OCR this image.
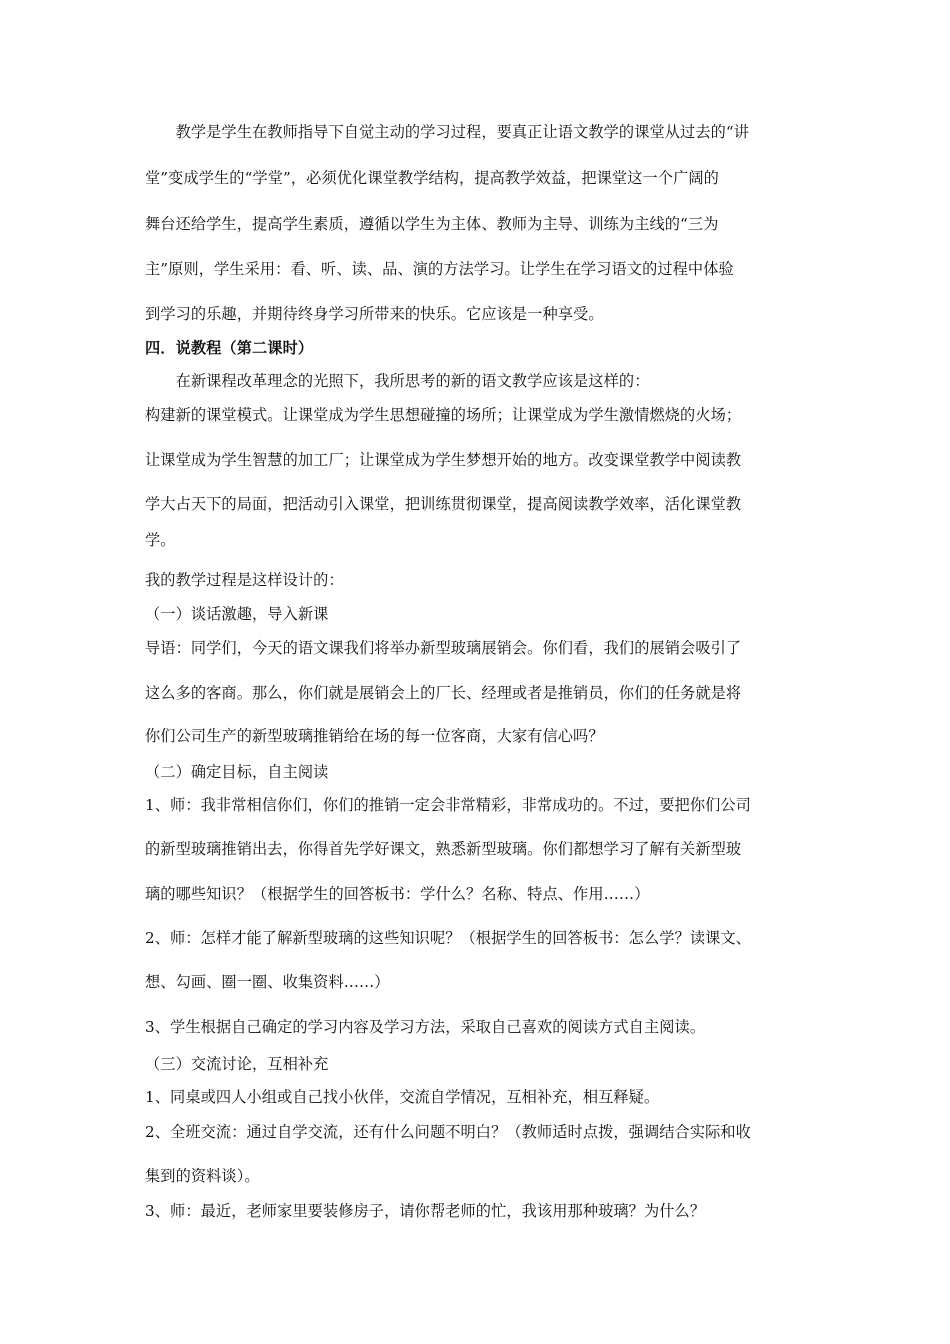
　　教学是学生在教师指导下自觉主动的学习过程，要真正让语文教学的课堂从过去的“讲
堂”变成学生的“学堂”，必须优化课堂教学结构，提高教学效益，把课堂这一个广阔的
舞台还给学生，提高学生素质，遵循以学生为主体、教师为主导、训练为主线的“三为
主”原则，学生采用：看、听、读、品、演的方法学习。让学生在学习语文的过程中体验
到学习的乐趣，并期待终身学习所带来的快乐。它应该是一种享受。
四．说教程（第二课时）
　　在新课程改革理念的光照下，我所思考的新的语文教学应该是这样的：
构建新的课堂模式。让课堂成为学生思想碰撞的场所；让课堂成为学生激情燃烧的火场；
让课堂成为学生智慧的加工厂；让课堂成为学生梦想开始的地方。改变课堂教学中阅读教
学大占天下的局面，把活动引入课堂，把训练贯彻课堂，提高阅读教学效率，活化课堂教
学。
我的教学过程是这样设计的：
（一）谈话激趣，导入新课
导语：同学们，今天的语文课我们将举办新型玻璃展销会。你们看，我们的展销会吸引了
这么多的客商。那么，你们就是展销会上的厂长、经理或者是推销员，你们的任务就是将
你们公司生产的新型玻璃推销给在场的每一位客商，大家有信心吗？
（二）确定目标，自主阅读
1、师：我非常相信你们，你们的推销一定会非常精彩，非常成功的。不过，要把你们公司
的新型玻璃推销出去，你得首先学好课文，熟悉新型玻璃。你们都想学习了解有关新型玻
璃的哪些知识？（根据学生的回答板书：学什么？名称、特点、作用……）
2、师：怎样才能了解新型玻璃的这些知识呢？（根据学生的回答板书：怎么学？读课文、
想、勾画、圈一圈、收集资料……）
3、学生根据自己确定的学习内容及学习方法，采取自己喜欢的阅读方式自主阅读。
（三）交流讨论，互相补充
1、同桌或四人小组或自己找小伙伴，交流自学情况，互相补充，相互释疑。
2、全班交流：通过自学交流，还有什么问题不明白？（教师适时点拨，强调结合实际和收
集到的资料谈）。
3、师：最近，老师家里要装修房子，请你帮老师的忙，我该用那种玻璃？为什么？
